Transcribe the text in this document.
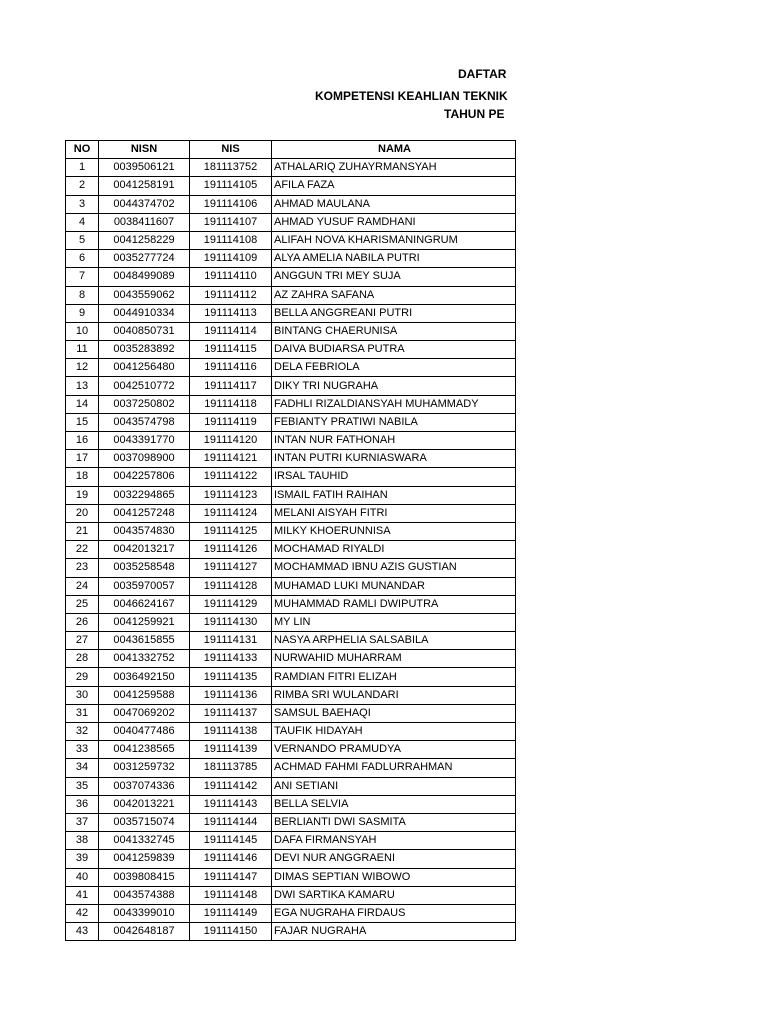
DAFTAR
KOMPETENSI KEAHLIAN TEKNIK
TAHUN PE
NO	NISN	NIS	NAMA
1	0039506121	181113752	ATHALARIQ ZUHAYRMANSYAH
2	0041258191	191114105	AFILA FAZA
3	0044374702	191114106	AHMAD MAULANA
4	0038411607	191114107	AHMAD YUSUF RAMDHANI
5	0041258229	191114108	ALIFAH NOVA KHARISMANINGRUM
6	0035277724	191114109	ALYA AMELIA NABILA PUTRI
7	0048499089	191114110	ANGGUN TRI MEY SUJA
8	0043559062	191114112	AZ ZAHRA SAFANA
9	0044910334	191114113	BELLA ANGGREANI PUTRI
10	0040850731	191114114	BINTANG CHAERUNISA
11	0035283892	191114115	DAIVA BUDIARSA PUTRA
12	0041256480	191114116	DELA FEBRIOLA
13	0042510772	191114117	DIKY TRI NUGRAHA
14	0037250802	191114118	FADHLI RIZALDIANSYAH MUHAMMADY
15	0043574798	191114119	FEBIANTY PRATIWI NABILA
16	0043391770	191114120	INTAN NUR FATHONAH
17	0037098900	191114121	INTAN PUTRI KURNIASWARA
18	0042257806	191114122	IRSAL TAUHID
19	0032294865	191114123	ISMAIL FATIH RAIHAN
20	0041257248	191114124	MELANI AISYAH FITRI
21	0043574830	191114125	MILKY KHOERUNNISA
22	0042013217	191114126	MOCHAMAD RIYALDI
23	0035258548	191114127	MOCHAMMAD IBNU AZIS GUSTIAN
24	0035970057	191114128	MUHAMAD LUKI MUNANDAR
25	0046624167	191114129	MUHAMMAD RAMLI DWIPUTRA
26	0041259921	191114130	MY LIN
27	0043615855	191114131	NASYA ARPHELIA SALSABILA
28	0041332752	191114133	NURWAHID MUHARRAM
29	0036492150	191114135	RAMDIAN FITRI ELIZAH
30	0041259588	191114136	RIMBA SRI WULANDARI
31	0047069202	191114137	SAMSUL BAEHAQI
32	0040477486	191114138	TAUFIK HIDAYAH
33	0041238565	191114139	VERNANDO PRAMUDYA
34	0031259732	181113785	ACHMAD FAHMI FADLURRAHMAN
35	0037074336	191114142	ANI SETIANI
36	0042013221	191114143	BELLA SELVIA
37	0035715074	191114144	BERLIANTI DWI SASMITA
38	0041332745	191114145	DAFA FIRMANSYAH
39	0041259839	191114146	DEVI NUR ANGGRAENI
40	0039808415	191114147	DIMAS SEPTIAN WIBOWO
41	0043574388	191114148	DWI SARTIKA KAMARU
42	0043399010	191114149	EGA NUGRAHA FIRDAUS
43	0042648187	191114150	FAJAR NUGRAHA
